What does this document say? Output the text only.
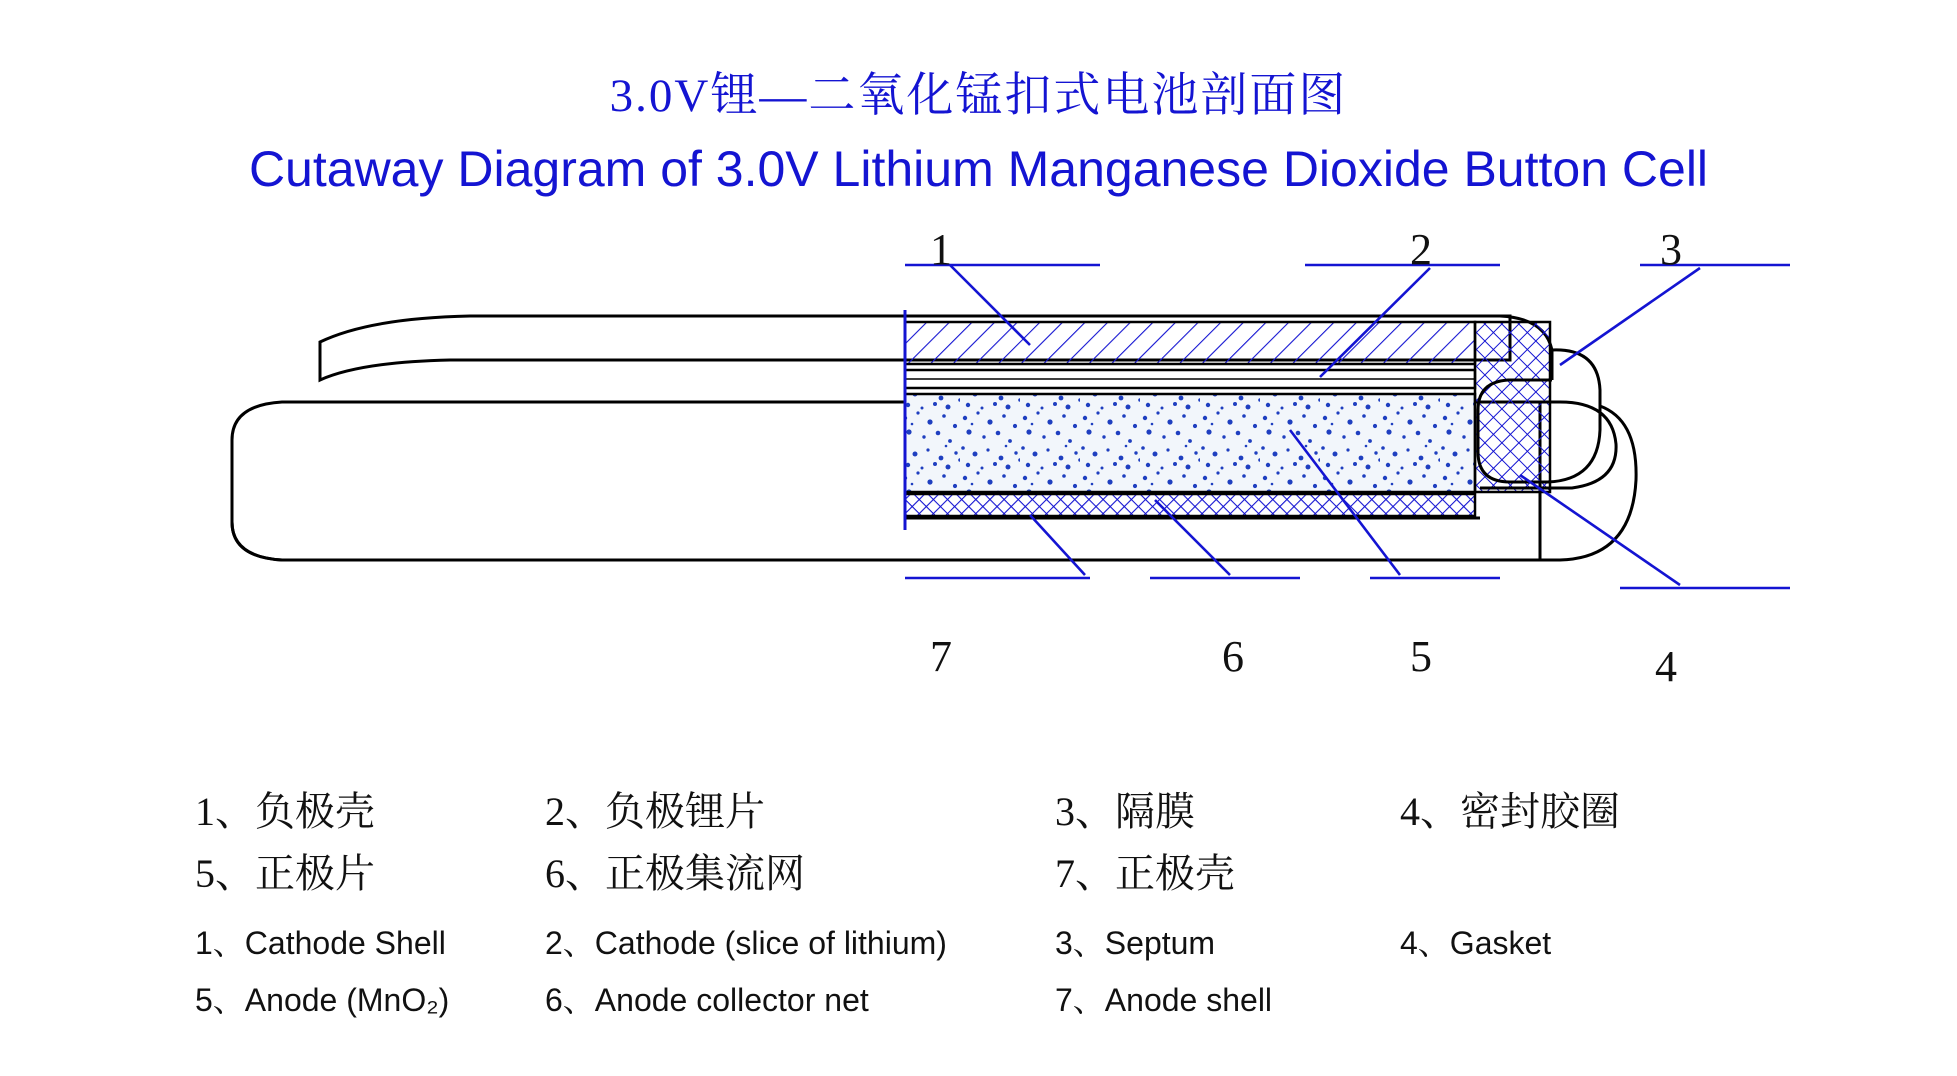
3.0V锂—二氧化锰扣式电池剖面图
Cutaway Diagram of 3.0V Lithium Manganese Dioxide Button Cell
1	2	3
4
5
6
7
1、负极壳	2、负极锂片	3、隔膜	4、密封胶圈
5、正极片	6、正极集流网	7、正极壳
1、Cathode Shell	2、Cathode (slice of lithium)	3、Septum	4、Gasket
5、Anode (MnO₂)	6、Anode collector net	7、Anode shell
